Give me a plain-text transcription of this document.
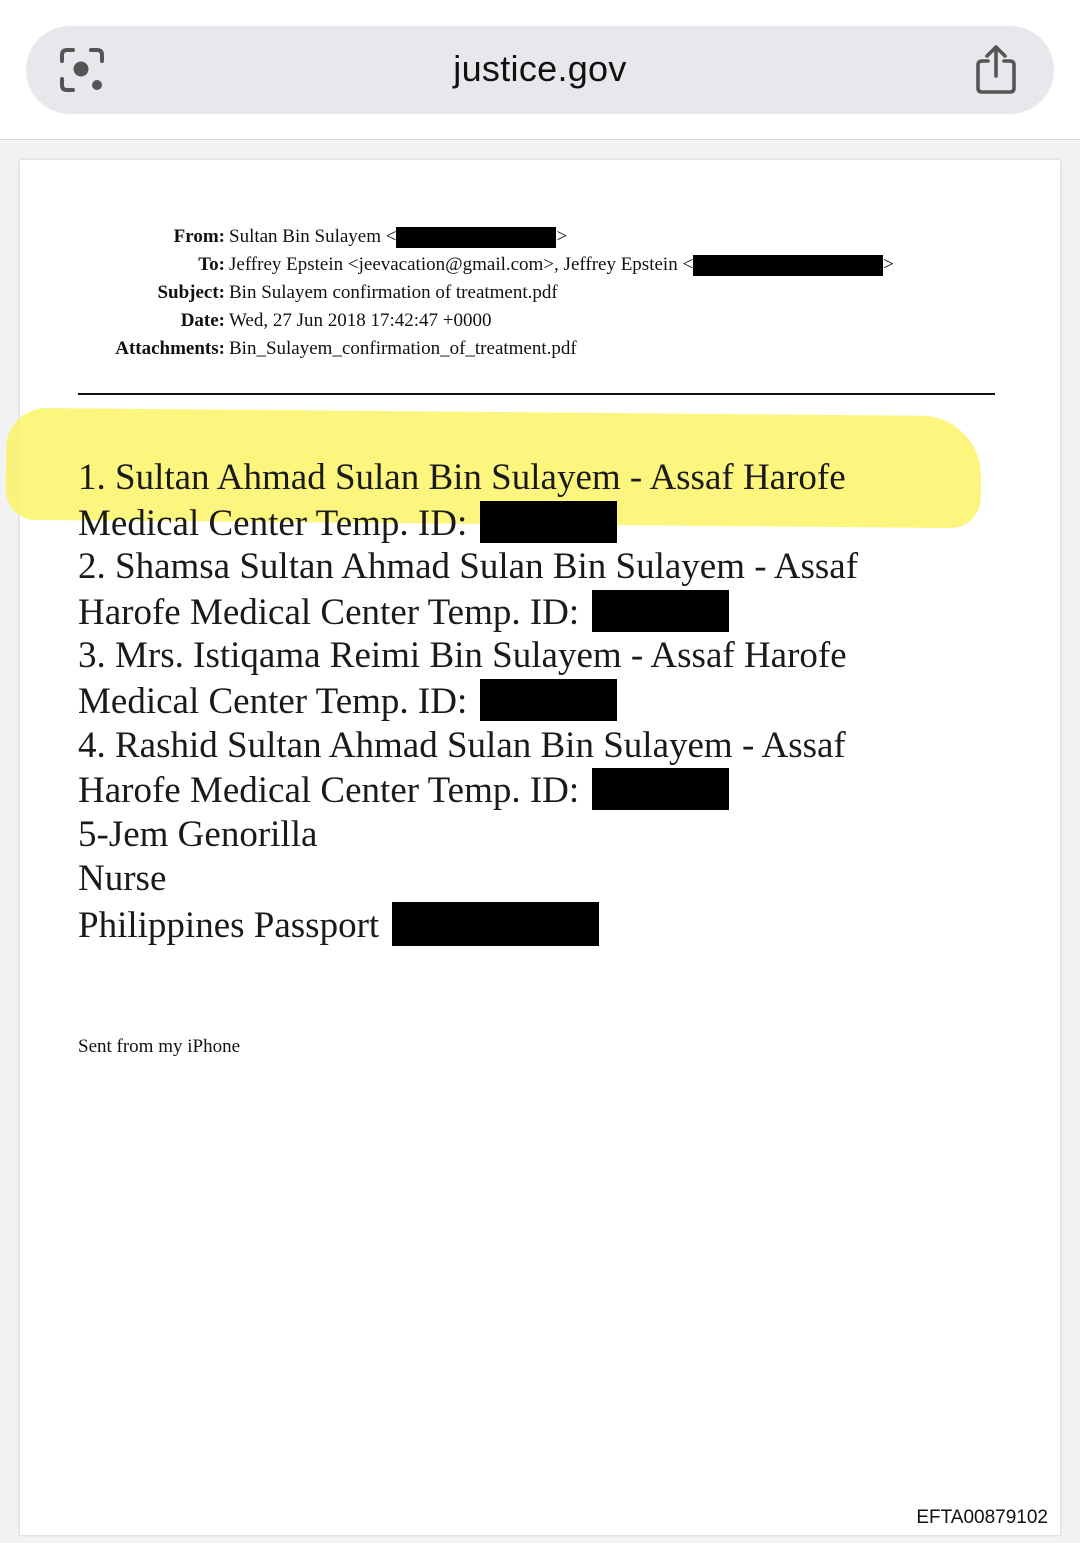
justice.gov
From: Sultan Bin Sulayem <	>
To: Jeffrey Epstein <jeevacation@gmail.com>, Jeffrey Epstein <	>
Subject: Bin Sulayem confirmation of treatment.pdf
Date: Wed, 27 Jun 2018 17:42:47 +0000
Attachments: Bin_Sulayem_confirmation_of_treatment.pdf
1. Sultan Ahmad Sulan Bin Sulayem - Assaf Harofe
Medical Center Temp. ID:
2. Shamsa Sultan Ahmad Sulan Bin Sulayem - Assaf
Harofe Medical Center Temp. ID:
3. Mrs. Istiqama Reimi Bin Sulayem - Assaf Harofe
Medical Center Temp. ID:
4. Rashid Sultan Ahmad Sulan Bin Sulayem - Assaf
Harofe Medical Center Temp. ID:
5-Jem Genorilla
Nurse
Philippines Passport
Sent from my iPhone
EFTA00879102
